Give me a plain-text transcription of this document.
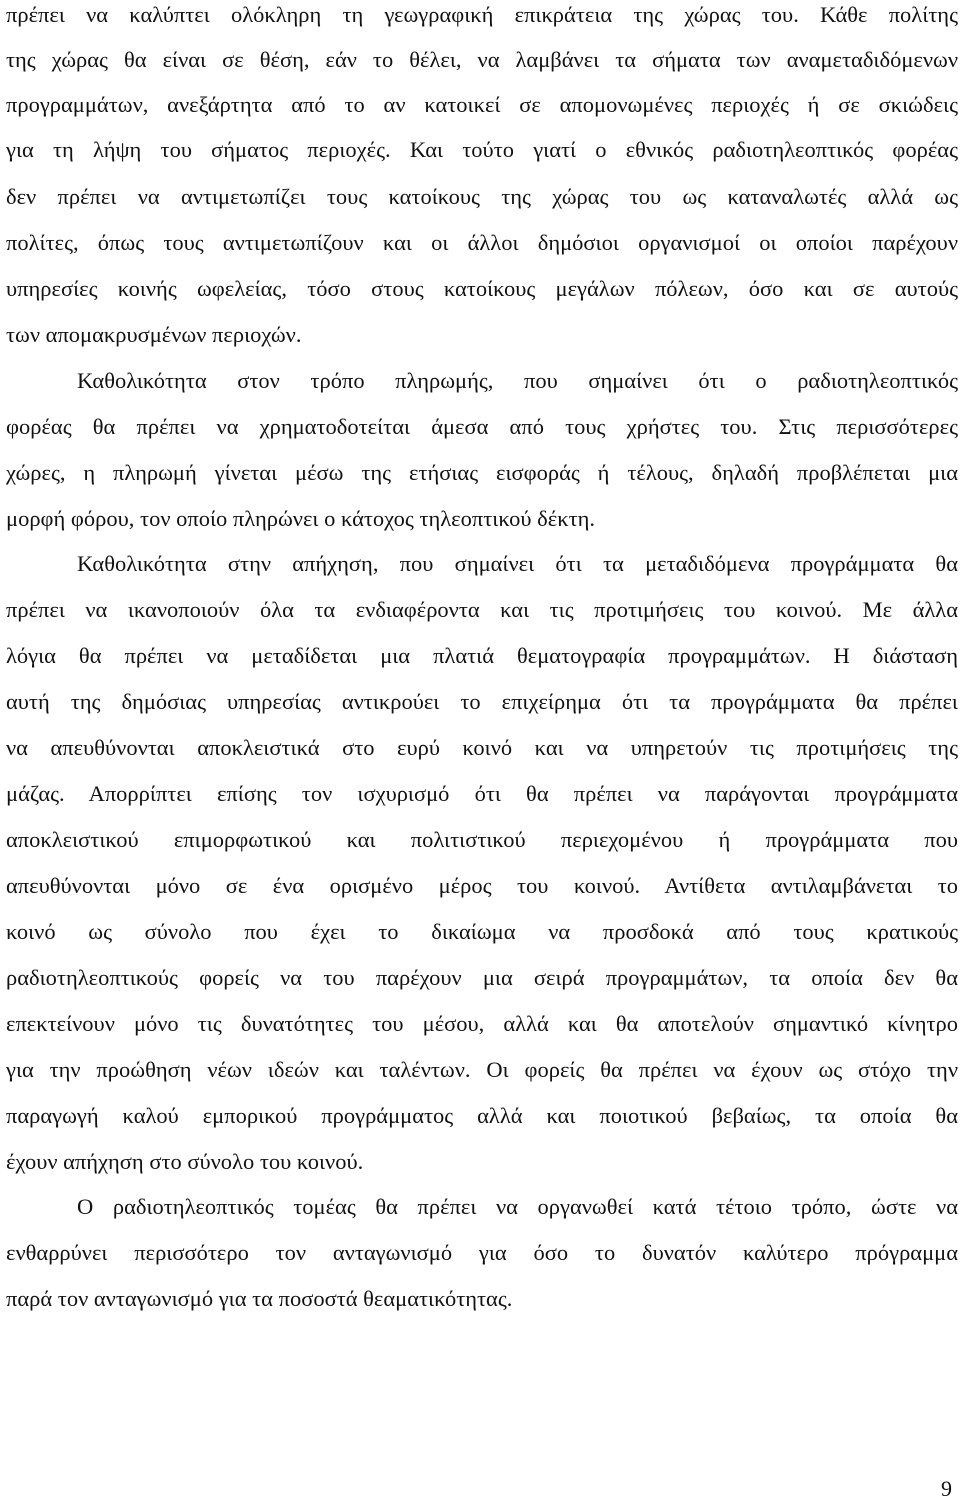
πρέπει να καλύπτει ολόκληρη τη γεωγραφική επικράτεια της χώρας του. Κάθε πολίτης

της χώρας θα είναι σε θέση, εάν το θέλει, να λαμβάνει τα σήματα των αναμεταδιδόμενων

προγραμμάτων, ανεξάρτητα από το αν κατοικεί σε απομονωμένες περιοχές ή σε σκιώδεις

για τη λήψη του σήματος περιοχές. Και τούτο γιατί ο εθνικός ραδιοτηλεοπτικός φορέας

δεν πρέπει να αντιμετωπίζει τους κατοίκους της χώρας του ως καταναλωτές αλλά ως

πολίτες, όπως τους αντιμετωπίζουν και οι άλλοι δημόσιοι οργανισμοί οι οποίοι παρέχουν

υπηρεσίες κοινής ωφελείας, τόσο στους κατοίκους μεγάλων πόλεων, όσο και σε αυτούς

των απομακρυσμένων περιοχών.

Καθολικότητα στον τρόπο πληρωμής, που σημαίνει ότι ο ραδιοτηλεοπτικός

φορέας θα πρέπει να χρηματοδοτείται άμεσα από τους χρήστες του. Στις περισσότερες

χώρες, η πληρωμή γίνεται μέσω της ετήσιας εισφοράς ή τέλους, δηλαδή προβλέπεται μια

μορφή φόρου, τον οποίο πληρώνει ο κάτοχος τηλεοπτικού δέκτη.

Καθολικότητα στην απήχηση, που σημαίνει ότι τα μεταδιδόμενα προγράμματα θα

πρέπει να ικανοποιούν όλα τα ενδιαφέροντα και τις προτιμήσεις του κοινού. Με άλλα

λόγια θα πρέπει να μεταδίδεται μια πλατιά θεματογραφία προγραμμάτων. Η διάσταση

αυτή της δημόσιας υπηρεσίας αντικρούει το επιχείρημα ότι τα προγράμματα θα πρέπει

να απευθύνονται αποκλειστικά στο ευρύ κοινό και να υπηρετούν τις προτιμήσεις της

μάζας. Απορρίπτει επίσης τον ισχυρισμό ότι θα πρέπει να παράγονται προγράμματα

αποκλειστικού επιμορφωτικού και πολιτιστικού περιεχομένου ή προγράμματα που

απευθύνονται μόνο σε ένα ορισμένο μέρος του κοινού. Αντίθετα αντιλαμβάνεται το

κοινό ως σύνολο που έχει το δικαίωμα να προσδοκά από τους κρατικούς

ραδιοτηλεοπτικούς φορείς να του παρέχουν μια σειρά προγραμμάτων, τα οποία δεν θα

επεκτείνουν μόνο τις δυνατότητες του μέσου, αλλά και θα αποτελούν σημαντικό κίνητρο

για την προώθηση νέων ιδεών και ταλέντων. Οι φορείς θα πρέπει να έχουν ως στόχο την

παραγωγή καλού εμπορικού προγράμματος αλλά και ποιοτικού βεβαίως, τα οποία θα

έχουν απήχηση στο σύνολο του κοινού.

Ο ραδιοτηλεοπτικός τομέας θα πρέπει να οργανωθεί κατά τέτοιο τρόπο, ώστε να

ενθαρρύνει περισσότερο τον ανταγωνισμό για όσο το δυνατόν καλύτερο πρόγραμμα

παρά τον ανταγωνισμό για τα ποσοστά θεαματικότητας.

9
